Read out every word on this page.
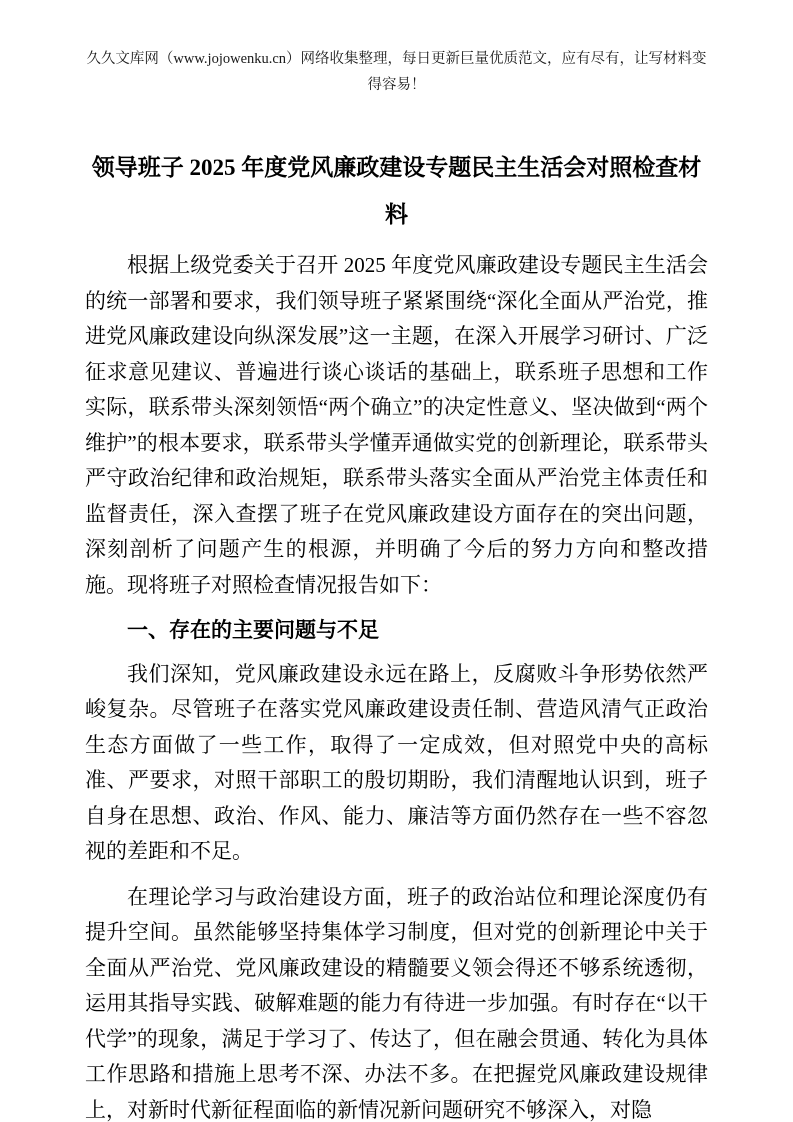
久久文库网（www.jojowenku.cn）网络收集整理，每日更新巨量优质范文，应有尽有，让写材料变得容易！
领导班子 2025 年度党风廉政建设专题民主生活会对照检查材料

根据上级党委关于召开 2025 年度党风廉政建设专题民主生活会的统一部署和要求，我们领导班子紧紧围绕“深化全面从严治党，推进党风廉政建设向纵深发展”这一主题，在深入开展学习研讨、广泛征求意见建议、普遍进行谈心谈话的基础上，联系班子思想和工作实际，联系带头深刻领悟“两个确立”的决定性意义、坚决做到“两个维护”的根本要求，联系带头学懂弄通做实党的创新理论，联系带头严守政治纪律和政治规矩，联系带头落实全面从严治党主体责任和监督责任，深入查摆了班子在党风廉政建设方面存在的突出问题，深刻剖析了问题产生的根源，并明确了今后的努力方向和整改措施。现将班子对照检查情况报告如下：

一、存在的主要问题与不足

我们深知，党风廉政建设永远在路上，反腐败斗争形势依然严峻复杂。尽管班子在落实党风廉政建设责任制、营造风清气正政治生态方面做了一些工作，取得了一定成效，但对照党中央的高标准、严要求，对照干部职工的殷切期盼，我们清醒地认识到，班子自身在思想、政治、作风、能力、廉洁等方面仍然存在一些不容忽视的差距和不足。

在理论学习与政治建设方面，班子的政治站位和理论深度仍有提升空间。虽然能够坚持集体学习制度，但对党的创新理论中关于全面从严治党、党风廉政建设的精髓要义领会得还不够系统透彻，运用其指导实践、破解难题的能力有待进一步加强。有时存在“以干代学”的现象，满足于学习了、传达了，但在融会贯通、转化为具体工作思路和措施上思考不深、办法不多。在把握党风廉政建设规律上，对新时代新征程面临的新情况新问题研究不够深入，对隐
